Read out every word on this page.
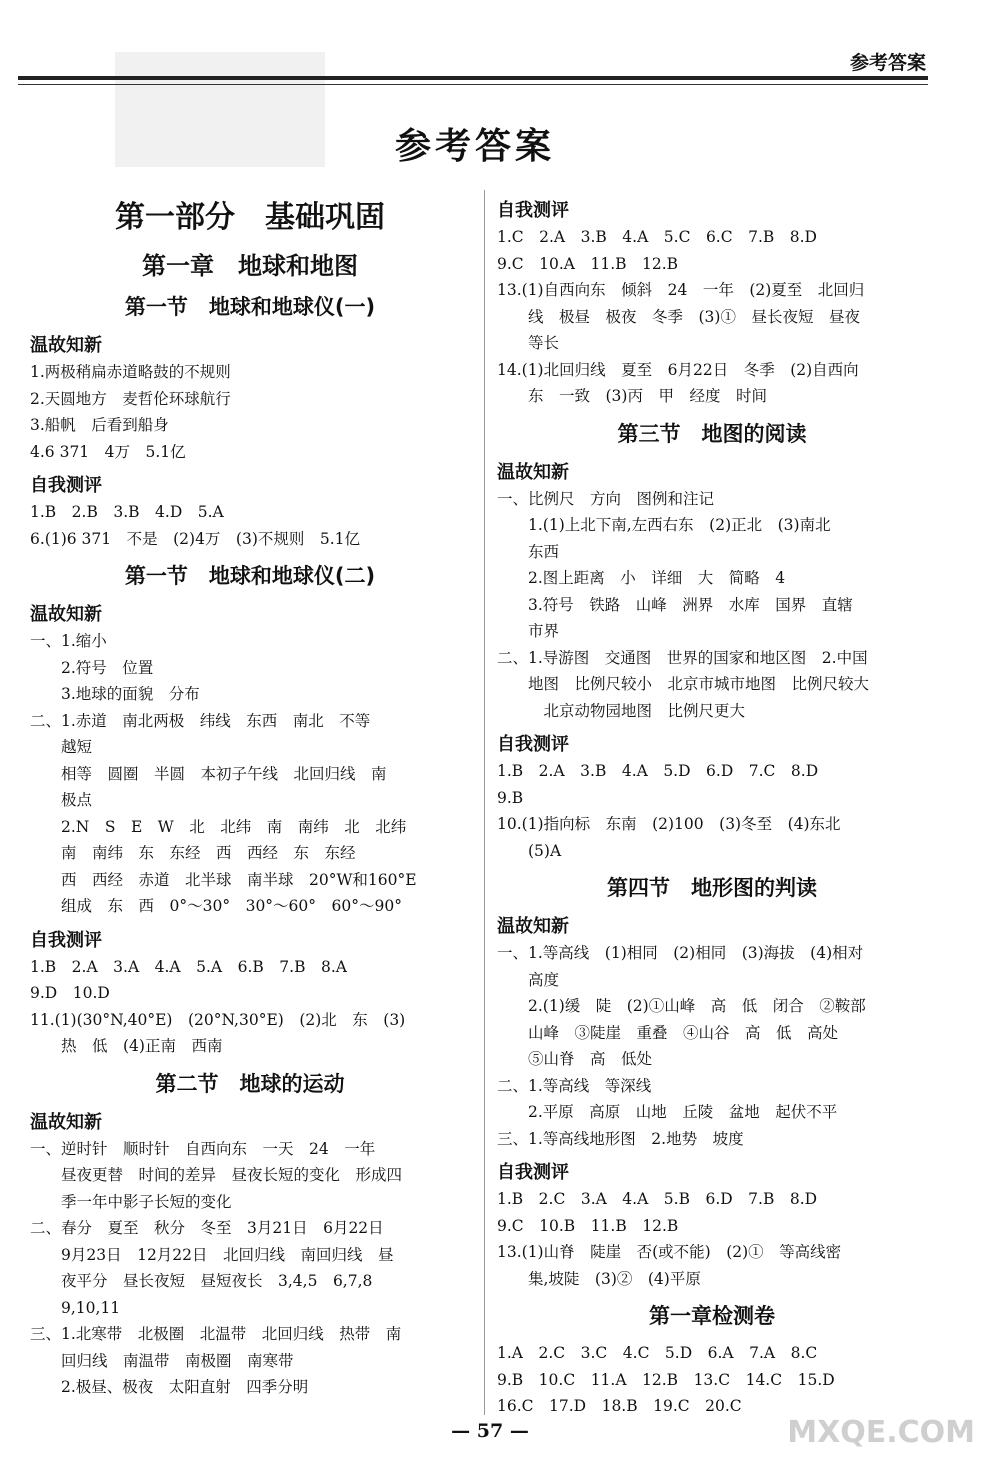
参考答案
参考答案
第一部分　基础巩固
第一章　地球和地图
第一节　地球和地球仪(一)
温故知新
1.两极稍扁赤道略鼓的不规则
2.天圆地方　麦哲伦环球航行
3.船帆　后看到船身
4.6 371　4万　5.1亿
自我测评
1.B　2.B　3.B　4.D　5.A
6.(1)6 371　不是　(2)4万　(3)不规则　5.1亿
第一节　地球和地球仪(二)
温故知新
一、1.缩小
　　2.符号　位置
　　3.地球的面貌　分布
二、1.赤道　南北两极　纬线　东西　南北　不等
　　越短
　　相等　圆圈　半圆　本初子午线　北回归线　南
　　极点
　　2.N　S　E　W　北　北纬　南　南纬　北　北纬
　　南　南纬　东　东经　西　西经　东　东经
　　西　西经　赤道　北半球　南半球　20°W和160°E
　　组成　东　西　0°～30°　30°～60°　60°～90°
自我测评
1.B　2.A　3.A　4.A　5.A　6.B　7.B　8.A
9.D　10.D
11.(1)(30°N,40°E)　(20°N,30°E)　(2)北　东　(3)
　　热　低　(4)正南　西南
第二节　地球的运动
温故知新
一、逆时针　顺时针　自西向东　一天　24　一年
　　昼夜更替　时间的差异　昼夜长短的变化　形成四
　　季一年中影子长短的变化
二、春分　夏至　秋分　冬至　3月21日　6月22日
　　9月23日　12月22日　北回归线　南回归线　昼
　　夜平分　昼长夜短　昼短夜长　3,4,5　6,7,8
　　9,10,11
三、1.北寒带　北极圈　北温带　北回归线　热带　南
　　回归线　南温带　南极圈　南寒带
　　2.极昼、极夜　太阳直射　四季分明
自我测评
1.C　2.A　3.B　4.A　5.C　6.C　7.B　8.D
9.C　10.A　11.B　12.B
13.(1)自西向东　倾斜　24　一年　(2)夏至　北回归
　　线　极昼　极夜　冬季　(3)①　昼长夜短　昼夜
　　等长
14.(1)北回归线　夏至　6月22日　冬季　(2)自西向
　　东　一致　(3)丙　甲　经度　时间
第三节　地图的阅读
温故知新
一、比例尺　方向　图例和注记
　　1.(1)上北下南,左西右东　(2)正北　(3)南北
　　东西
　　2.图上距离　小　详细　大　简略　4
　　3.符号　铁路　山峰　洲界　水库　国界　直辖
　　市界
二、1.导游图　交通图　世界的国家和地区图　2.中国
　　地图　比例尺较小　北京市城市地图　比例尺较大
　　　北京动物园地图　比例尺更大
自我测评
1.B　2.A　3.B　4.A　5.D　6.D　7.C　8.D
9.B
10.(1)指向标　东南　(2)100　(3)冬至　(4)东北
　　(5)A
第四节　地形图的判读
温故知新
一、1.等高线　(1)相同　(2)相同　(3)海拔　(4)相对
　　高度
　　2.(1)缓　陡　(2)①山峰　高　低　闭合　②鞍部
　　山峰　③陡崖　重叠　④山谷　高　低　高处
　　⑤山脊　高　低处
二、1.等高线　等深线
　　2.平原　高原　山地　丘陵　盆地　起伏不平
三、1.等高线地形图　2.地势　坡度
自我测评
1.B　2.C　3.A　4.A　5.B　6.D　7.B　8.D
9.C　10.B　11.B　12.B
13.(1)山脊　陡崖　否(或不能)　(2)①　等高线密
　　集,坡陡　(3)②　(4)平原
第一章检测卷
1.A　2.C　3.C　4.C　5.D　6.A　7.A　8.C
9.B　10.C　11.A　12.B　13.C　14.C　15.D
16.C　17.D　18.B　19.C　20.C
— 57 —	MXQE.COM
